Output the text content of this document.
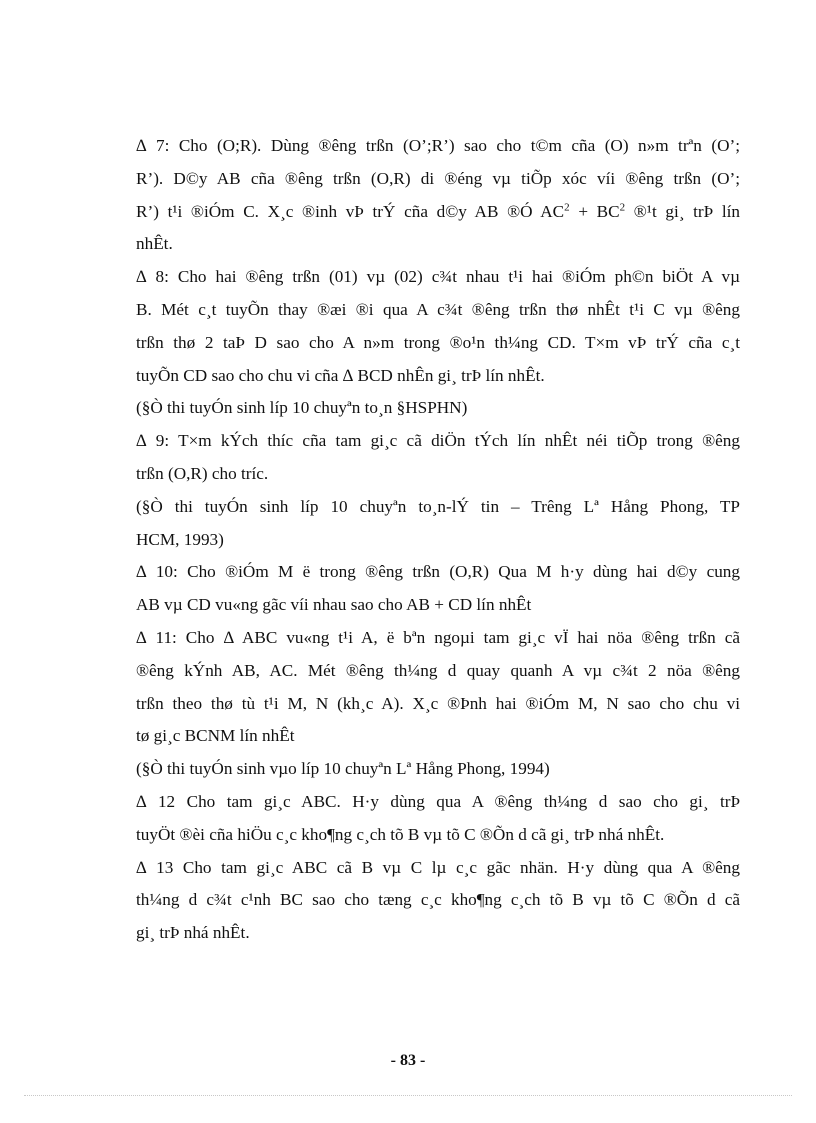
∆ 7: Cho (O;R). Dùng ®êng trßn (O’;R’) sao cho t©m cña (O) n»m trªn (O’;
R’). D©y AB cña ®êng trßn (O,R) di ®éng vµ tiÕp xóc víi ®êng trßn (O’;
R’) t¹i ®iÓm C. X¸c ®inh vÞ trÝ cña d©y AB ®Ó $AC^2 + BC^2$ ®¹t gi¸ trÞ lín
nhÊt.
∆ 8: Cho hai ®êng trßn (01) vµ (02) c¾t nhau t¹i hai ®iÓm ph©n biÖt A vµ
B. Mét c¸t tuyÕn thay ®æi ®i qua A c¾t ®êng trßn thø nhÊt t¹i C vµ ®êng
trßn thø 2 taÞ D sao cho A n»m trong ®o¹n th¼ng CD. T×m vÞ trÝ cña c¸t
tuyÕn CD sao cho chu vi cña ∆ BCD nhÊn gi¸ trÞ lín nhÊt.
(§Ò thi tuyÓn sinh líp 10 chuyªn to¸n §HSPHN)
∆ 9: T×m kÝch thíc cña tam gi¸c cã diÖn tÝch lín nhÊt néi tiÕp trong ®êng
trßn (O,R) cho tríc.
(§Ò thi tuyÓn sinh líp 10 chuyªn to¸n-lÝ tin – Trêng Lª Hång Phong, TP
HCM, 1993)
∆ 10: Cho ®iÓm M ë trong ®êng trßn (O,R) Qua M h·y dùng hai d©y cung
AB vµ CD vu«ng gãc víi nhau sao cho AB + CD lín nhÊt
∆ 11: Cho ∆ ABC vu«ng t¹i A, ë bªn ngoµi tam gi¸c vÏ hai nöa ®êng trßn cã
®êng kÝnh AB, AC. Mét ®êng th¼ng d quay quanh A vµ c¾t 2 nöa ®êng
trßn theo thø tù t¹i M, N (kh¸c A). X¸c ®Þnh hai ®iÓm M, N sao cho chu vi
tø gi¸c BCNM lín nhÊt
(§Ò thi tuyÓn sinh vµo líp 10 chuyªn Lª Hång Phong, 1994)
∆ 12 Cho tam gi¸c ABC. H·y dùng qua A ®êng th¼ng d sao cho gi¸ trÞ
tuyÖt ®èi cña hiÖu c¸c kho¶ng c¸ch tõ B vµ tõ C ®Õn d cã gi¸ trÞ nhá nhÊt.
∆ 13 Cho tam gi¸c ABC cã B vµ C lµ c¸c gãc nhän. H·y dùng qua A ®êng
th¼ng d c¾t c¹nh BC sao cho tæng c¸c kho¶ng c¸ch tõ B vµ tõ C ®Õn d cã
gi¸ trÞ nhá nhÊt.
- 83 -
